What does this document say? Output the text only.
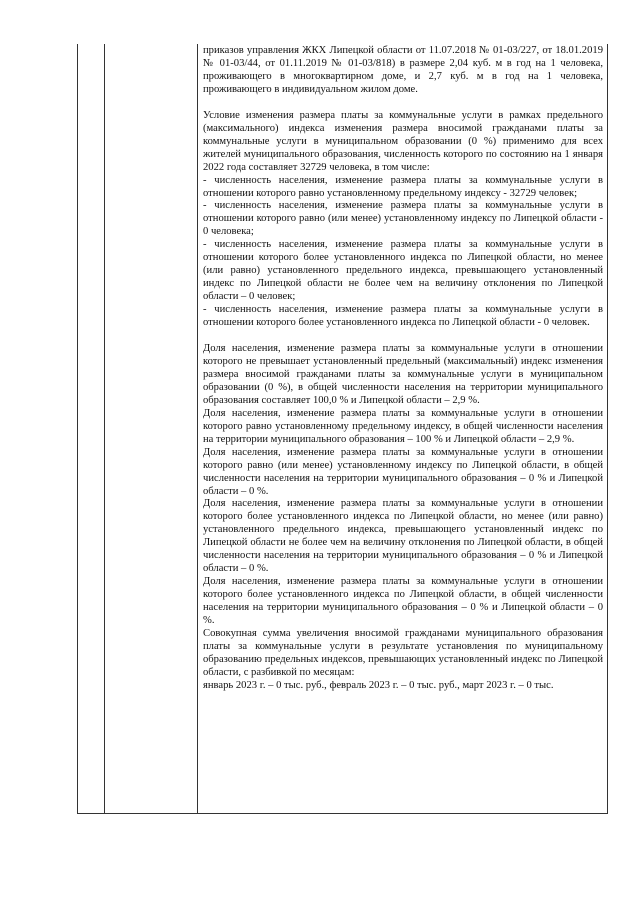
приказов управления ЖКХ Липецкой области от 11.07.2018 № 01-03/227, от 18.01.2019 № 01-03/44, от 01.11.2019 № 01-03/818) в размере 2,04 куб. м в год на 1 человека, проживающего в многоквартирном доме, и 2,7 куб. м в год на 1 человека, проживающего в индивидуальном жилом доме.

Условие изменения размера платы за коммунальные услуги в рамках предельного (максимального) индекса изменения размера вносимой гражданами платы за коммунальные услуги в муниципальном образовании (0 %) применимо для всех жителей муниципального образования, численность которого по состоянию на 1 января 2022 года составляет 32729 человека, в том числе:

- численность населения, изменение размера платы за коммунальные услуги в отношении которого равно установленному предельному индексу - 32729 человек;

- численность населения, изменение размера платы за коммунальные услуги в отношении которого равно (или менее) установленному индексу по Липецкой области - 0 человека;

- численность населения, изменение размера платы за коммунальные услуги в отношении которого более установленного индекса по Липецкой области, но менее (или равно) установленного предельного индекса, превышающего установленный индекс по Липецкой области не более чем на величину отклонения по Липецкой области – 0 человек;

- численность населения, изменение размера платы за коммунальные услуги в отношении которого более установленного индекса по Липецкой области - 0 человек.

Доля населения, изменение размера платы за коммунальные услуги в отношении которого не превышает установленный предельный (максимальный) индекс изменения размера вносимой гражданами платы за коммунальные услуги в муниципальном образовании (0 %), в общей численности населения на территории муниципального образования составляет 100,0 % и Липецкой области – 2,9 %.

Доля населения, изменение размера платы за коммунальные услуги в отношении которого равно установленному предельному индексу, в общей численности населения на территории муниципального образования – 100 % и Липецкой области – 2,9 %.

Доля населения, изменение размера платы за коммунальные услуги в отношении которого равно (или менее) установленному индексу по Липецкой области, в общей численности населения на территории муниципального образования – 0 % и Липецкой области – 0 %.

Доля населения, изменение размера платы за коммунальные услуги в отношении которого более установленного индекса по Липецкой области, но менее (или равно) установленного предельного индекса, превышающего установленный индекс по Липецкой области не более чем на величину отклонения по Липецкой области, в общей численности населения на территории муниципального образования – 0 % и Липецкой области – 0 %.

Доля населения, изменение размера платы за коммунальные услуги в отношении которого более установленного индекса по Липецкой области, в общей численности населения на территории муниципального образования – 0 % и Липецкой области – 0 %.

Совокупная сумма увеличения вносимой гражданами муниципального образования платы за коммунальные услуги в результате установления по муниципальному образованию предельных индексов, превышающих установленный индекс по Липецкой области, с разбивкой по месяцам:

январь 2023 г. – 0 тыс. руб., февраль 2023 г. – 0 тыс. руб., март 2023 г. – 0 тыс.
